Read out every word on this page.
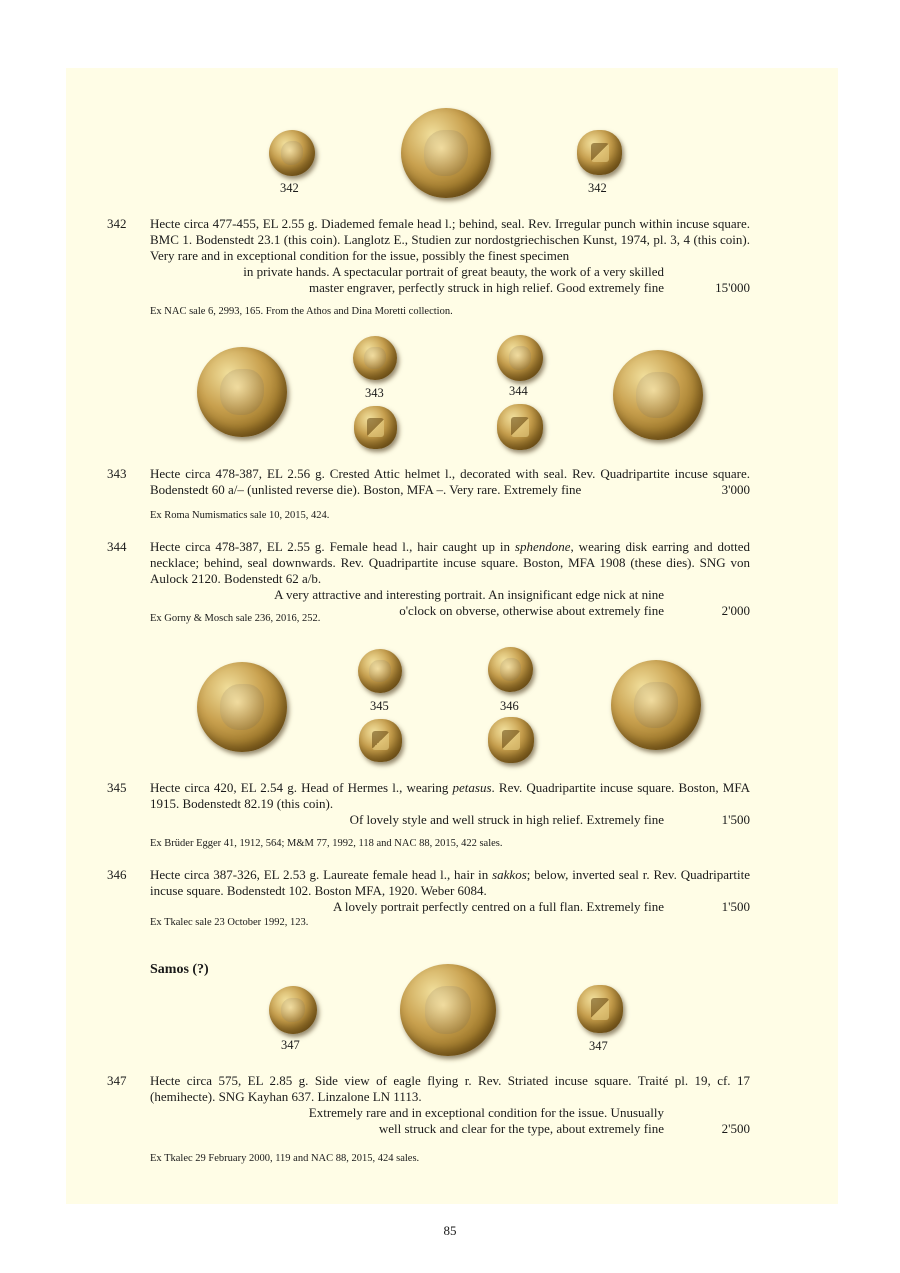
342	342
342	Hecte circa 477-455, EL 2.55 g. Diademed female head l.; behind, seal. Rev. Irregular punch within incuse square. BMC 1. Bodenstedt 23.1 (this coin). Langlotz E., Studien zur nordostgriechischen Kunst, 1974, pl. 3, 4 (this coin). Very rare and in exceptional condition for the issue, possibly the finest specimen

in private hands. A spectacular portrait of great beauty, the work of a very skilled

master engraver, perfectly struck in high relief. Good extremely fine	15'000

Ex NAC sale 6, 2993, 165. From the Athos and Dina Moretti collection.
343	344
343	Hecte circa 478-387, EL 2.56 g. Crested Attic helmet l., decorated with seal. Rev. Quadripartite incuse square. Bodenstedt 60 a/– (unlisted reverse die). Boston, MFA –. Very rare. Extremely fine	3'000

Ex Roma Numismatics sale 10, 2015, 424.
344	Hecte circa 478-387, EL 2.55 g. Female head l., hair caught up in sphendone, wearing disk earring and dotted necklace; behind, seal downwards. Rev. Quadripartite incuse square. Boston, MFA 1908 (these dies). SNG von Aulock 2120. Bodenstedt 62 a/b.

A very attractive and interesting portrait. An insignificant edge nick at nine

o'clock on obverse, otherwise about extremely fine	2'000

Ex Gorny & Mosch sale 236, 2016, 252.
345	346
345	Hecte circa 420, EL 2.54 g. Head of Hermes l., wearing petasus. Rev. Quadripartite incuse square. Boston, MFA 1915. Bodenstedt 82.19 (this coin).

Of lovely style and well struck in high relief. Extremely fine	1'500

Ex Brüder Egger 41, 1912, 564; M&M 77, 1992, 118 and NAC 88, 2015, 422 sales.
346	Hecte circa 387-326, EL 2.53 g. Laureate female head l., hair in sakkos; below, inverted seal r. Rev. Quadripartite incuse square. Bodenstedt 102. Boston MFA, 1920. Weber 6084.

A lovely portrait perfectly centred on a full flan. Extremely fine	1'500

Ex Tkalec sale 23 October 1992, 123.
Samos (?)
347	347
347	Hecte circa 575, EL 2.85 g. Side view of eagle flying r. Rev. Striated incuse square. Traité pl. 19, cf. 17 (hemihecte). SNG Kayhan 637. Linzalone LN 1113.

Extremely rare and in exceptional condition for the issue. Unusually

well struck and clear for the type, about extremely fine	2'500

Ex Tkalec 29 February 2000, 119 and NAC 88, 2015, 424 sales.
85
